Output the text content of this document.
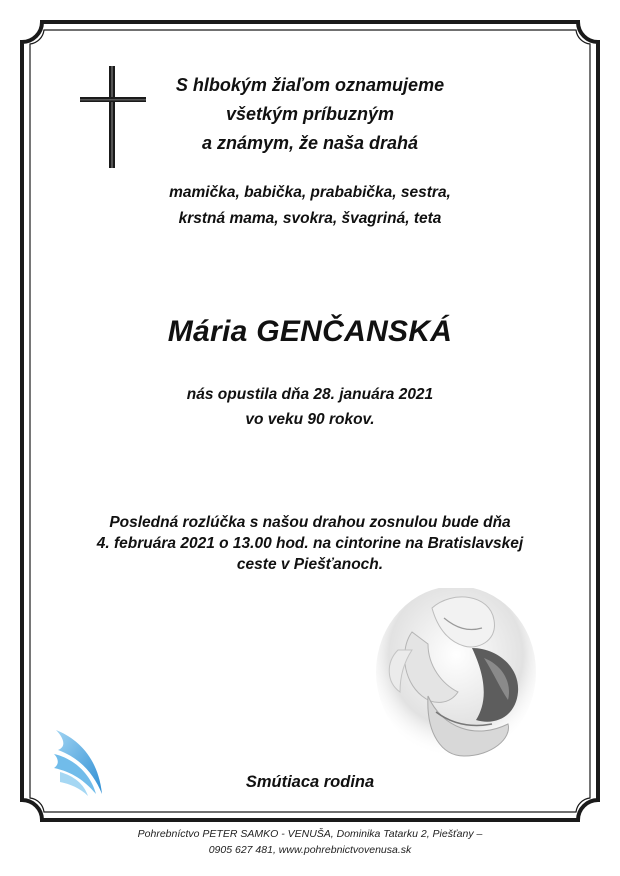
S hlbokým žiaľom oznamujeme
všetkým príbuzným
a známym, že naša drahá
mamička, babička, prababička, sestra,
krstná mama, svokra, švagriná, teta
Mária GENČANSKÁ
nás opustila dňa 28. januára 2021
vo veku 90 rokov.
Posledná rozlúčka s našou drahou zosnulou bude dňa
4. februára 2021 o 13.00 hod. na cintorine na Bratislavskej
ceste v Piešťanoch.
Smútiaca rodina
Pohrebníctvo PETER SAMKO - VENUŠA, Dominika Tatarku 2, Piešťany –
0905 627 481, www.pohrebnictvovenusa.sk
